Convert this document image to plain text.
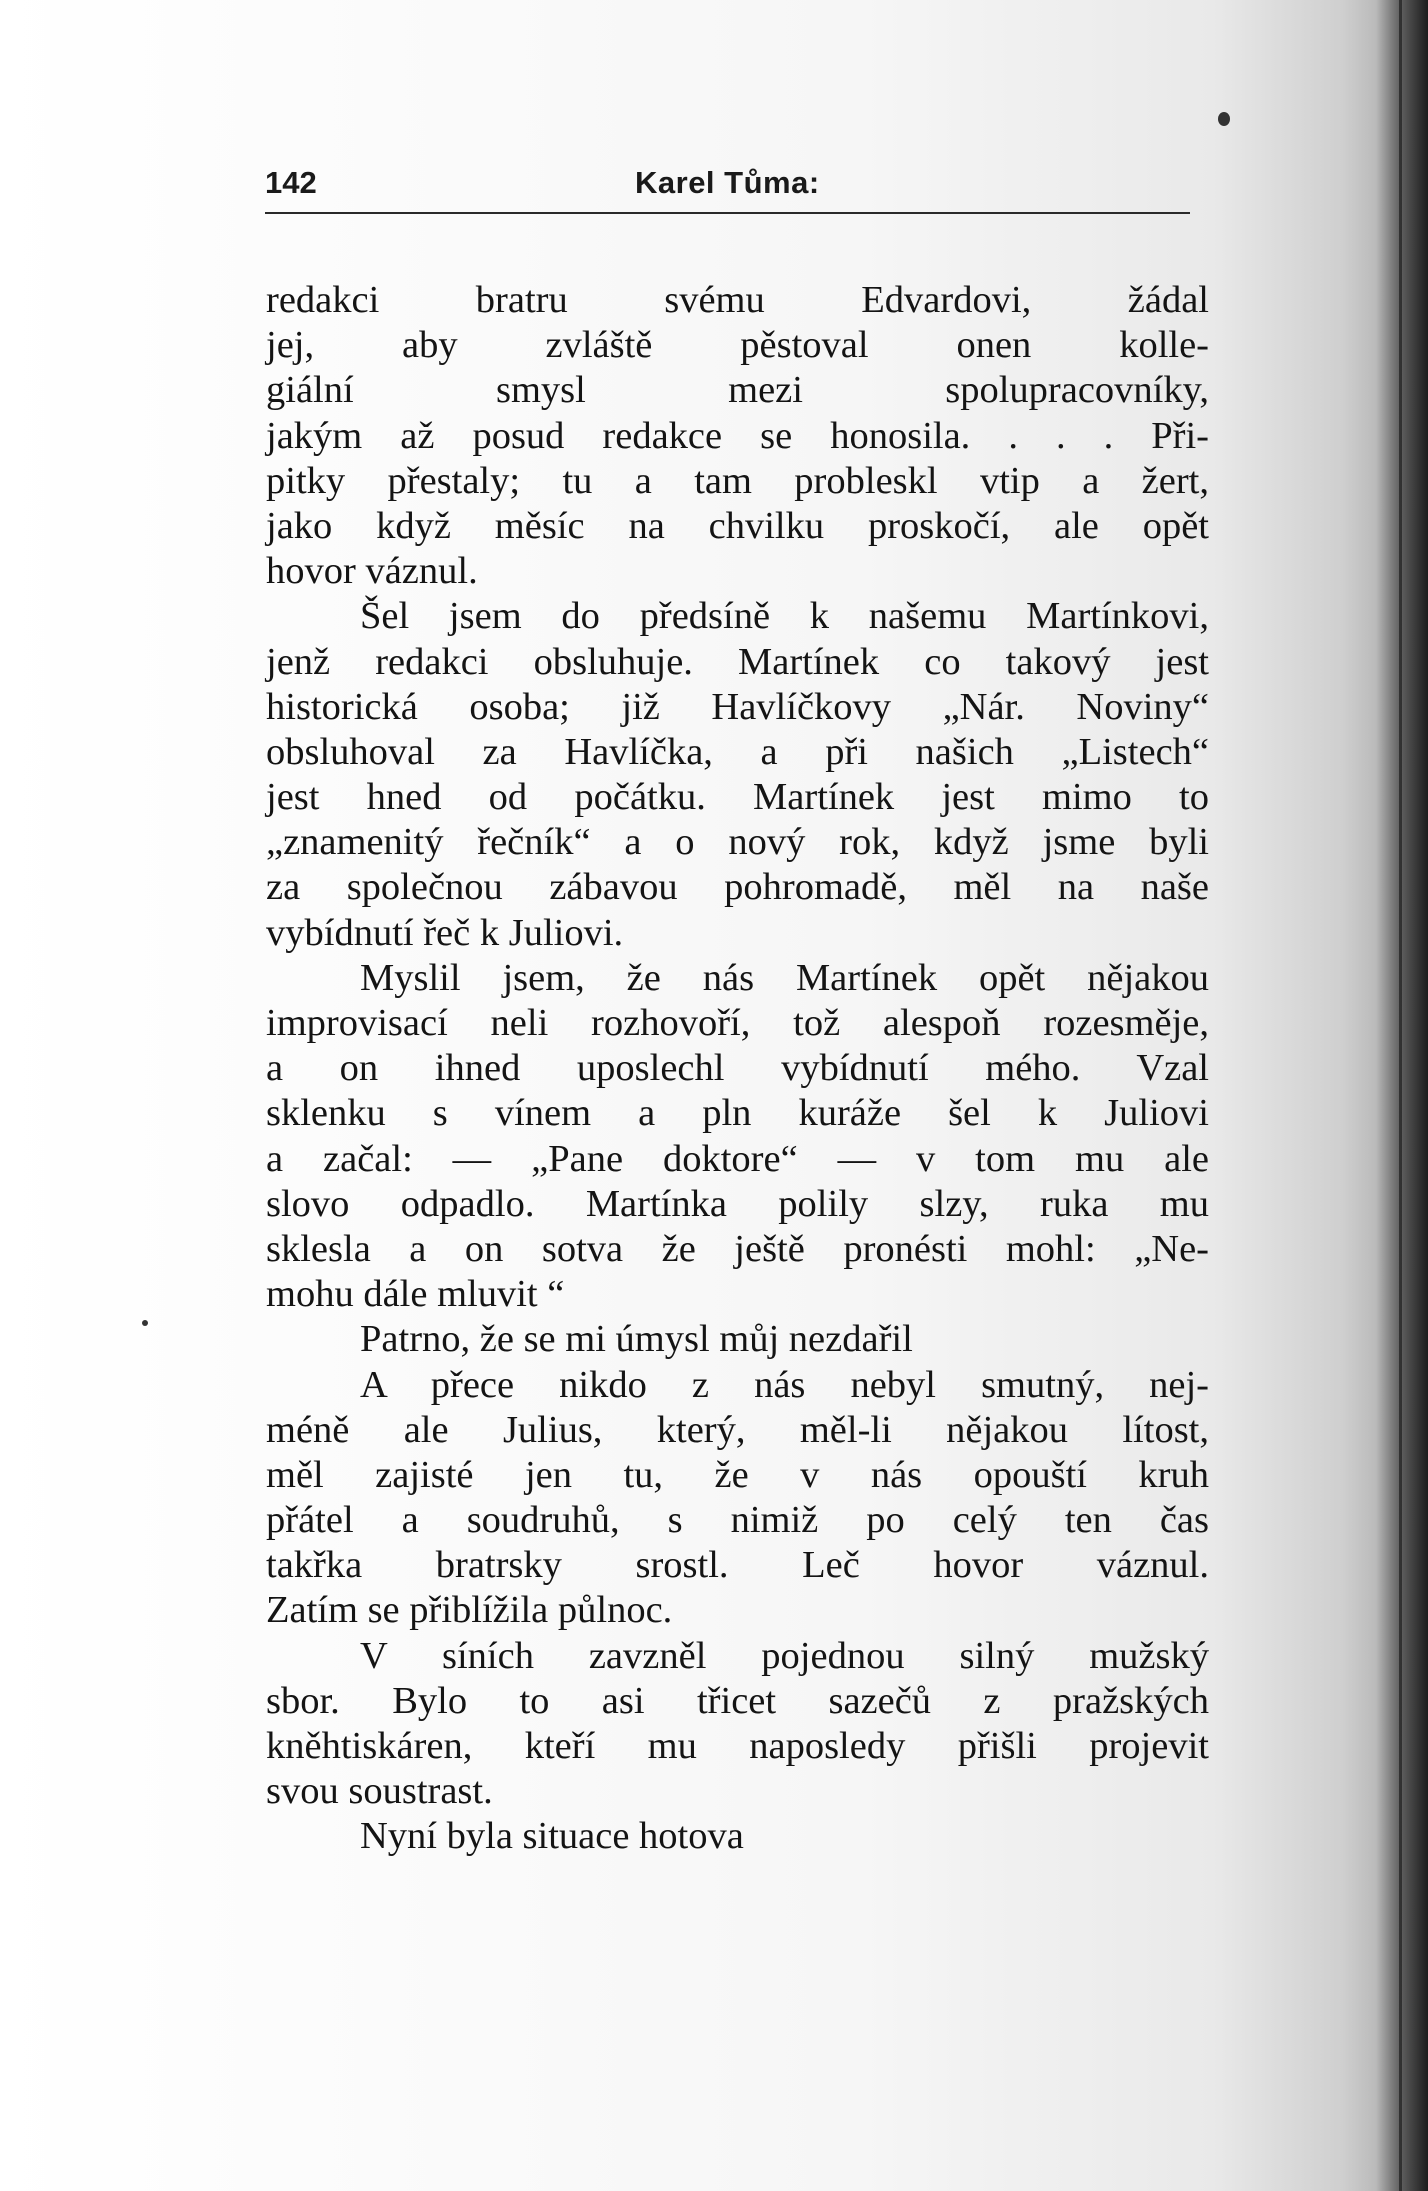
142	Karel Tůma:
redakci bratru svému Edvardovi, žádal
jej, aby zvláště pěstoval onen kolle-
giální smysl mezi spolupracovníky,
jakým až posud redakce se honosila. . . . Při-
pitky přestaly; tu a tam probleskl vtip a žert,
jako když měsíc na chvilku proskočí, ale opět
hovor váznul.
Šel jsem do předsíně k našemu Martínkovi,
jenž redakci obsluhuje. Martínek co takový jest
historická osoba; již Havlíčkovy „Nár. Noviny“
obsluhoval za Havlíčka, a při našich „Listech“
jest hned od počátku. Martínek jest mimo to
„znamenitý řečník“ a o nový rok, když jsme byli
za společnou zábavou pohromadě, měl na naše
vybídnutí řeč k Juliovi.
Myslil jsem, že nás Martínek opět nějakou
improvisací neli rozhovoří, tož alespoň rozesměje,
a on ihned uposlechl vybídnutí mého. Vzal
sklenku s vínem a pln kuráže šel k Juliovi
a začal: — „Pane doktore“ — v tom mu ale
slovo odpadlo. Martínka polily slzy, ruka mu
sklesla a on sotva že ještě pronésti mohl: „Ne-
mohu dále mluvit “
Patrno, že se mi úmysl můj nezdařil
A přece nikdo z nás nebyl smutný, nej-
méně ale Julius, který, měl-li nějakou lítost,
měl zajisté jen tu, že v nás opouští kruh
přátel a soudruhů, s nimiž po celý ten čas
takřka bratrsky srostl. Leč hovor váznul.
Zatím se přiblížila půlnoc.
V síních zavzněl pojednou silný mužský
sbor. Bylo to asi třicet sazečů z pražských
kněhtiskáren, kteří mu naposledy přišli projevit
svou soustrast.
Nyní byla situace hotova
